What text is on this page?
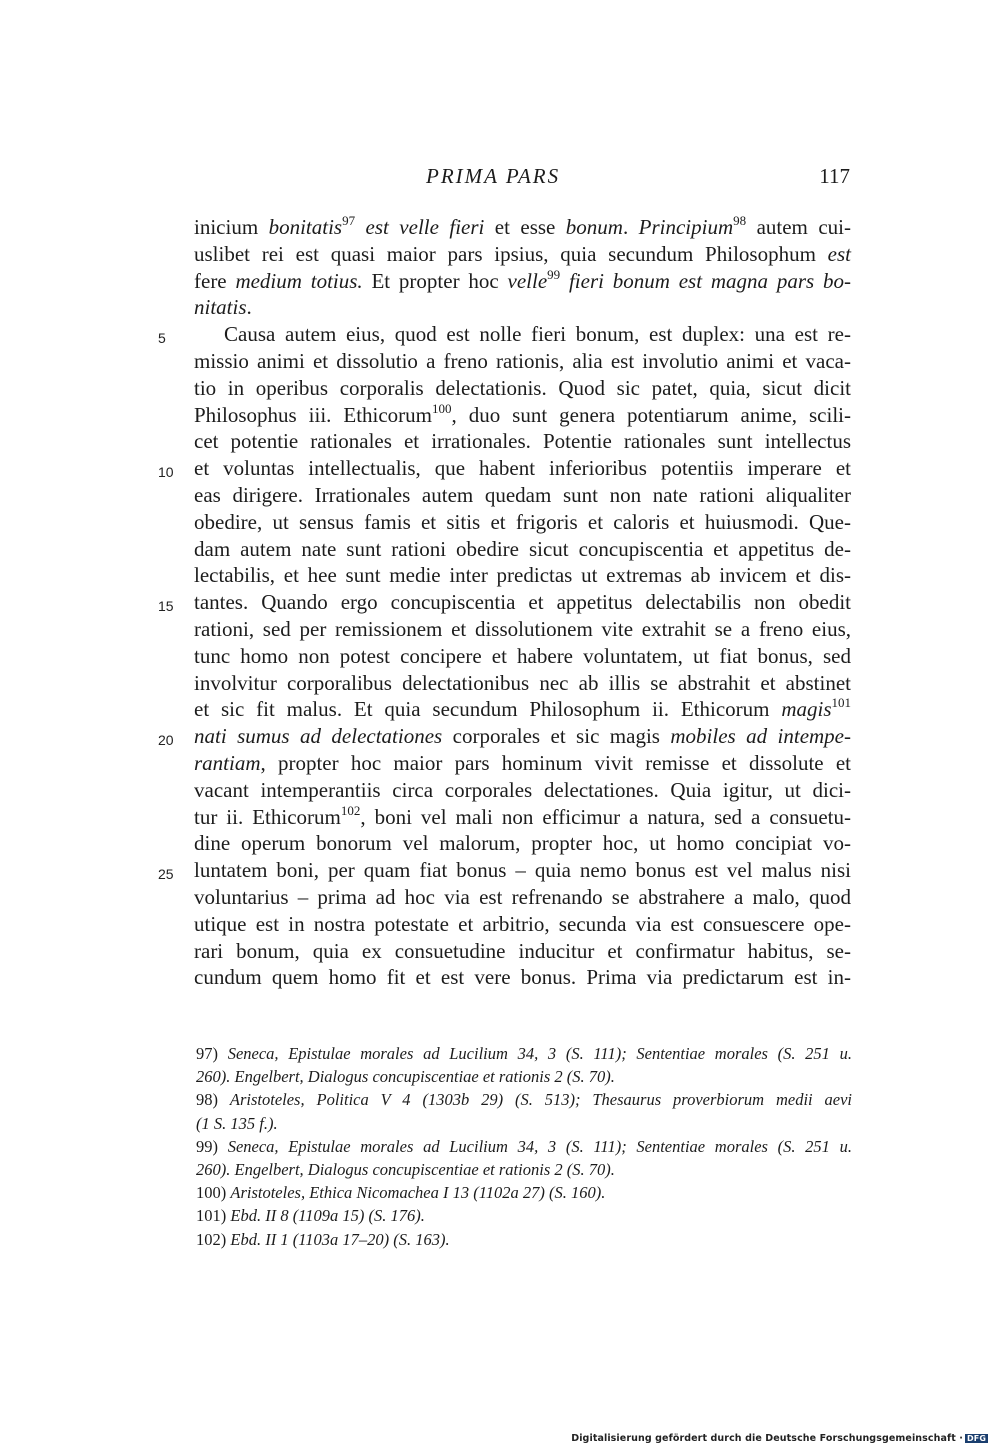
PRIMA PARS	117
5
10
15
20
25
inicium bonitatis$^{97}$ est velle fieri et esse bonum. Principium$^{98}$ autem cui-
uslibet rei est quasi maior pars ipsius, quia secundum Philosophum est
fere medium totius. Et propter hoc velle$^{99}$ fieri bonum est magna pars bo-
nitatis.
Causa autem eius, quod est nolle fieri bonum, est duplex: una est re-
missio animi et dissolutio a freno rationis, alia est involutio animi et vaca-
tio in operibus corporalis delectationis. Quod sic patet, quia, sicut dicit
Philosophus iii. Ethicorum$^{100}$, duo sunt genera potentiarum anime, scili-
cet potentie rationales et irrationales. Potentie rationales sunt intellectus
et voluntas intellectualis, que habent inferioribus potentiis imperare et
eas dirigere. Irrationales autem quedam sunt non nate rationi aliqualiter
obedire, ut sensus famis et sitis et frigoris et caloris et huiusmodi. Que-
dam autem nate sunt rationi obedire sicut concupiscentia et appetitus de-
lectabilis, et hee sunt medie inter predictas ut extremas ab invicem et dis-
tantes. Quando ergo concupiscentia et appetitus delectabilis non obedit
rationi, sed per remissionem et dissolutionem vite extrahit se a freno eius,
tunc homo non potest concipere et habere voluntatem, ut fiat bonus, sed
involvitur corporalibus delectationibus nec ab illis se abstrahit et abstinet
et sic fit malus. Et quia secundum Philosophum ii. Ethicorum magis$^{101}$
nati sumus ad delectationes corporales et sic magis mobiles ad intempe-
rantiam, propter hoc maior pars hominum vivit remisse et dissolute et
vacant intemperantiis circa corporales delectationes. Quia igitur, ut dici-
tur ii. Ethicorum$^{102}$, boni vel mali non efficimur a natura, sed a consuetu-
dine operum bonorum vel malorum, propter hoc, ut homo concipiat vo-
luntatem boni, per quam fiat bonus – quia nemo bonus est vel malus nisi
voluntarius – prima ad hoc via est refrenando se abstrahere a malo, quod
utique est in nostra potestate et arbitrio, secunda via est consuescere ope-
rari bonum, quia ex consuetudine inducitur et confirmatur habitus, se-
cundum quem homo fit et est vere bonus. Prima via predictarum est in-
97) Seneca, Epistulae morales ad Lucilium 34, 3 (S. 111); Sententiae morales (S. 251 u.
260). Engelbert, Dialogus concupiscentiae et rationis 2 (S. 70).
98) Aristoteles, Politica V 4 (1303b 29) (S. 513); Thesaurus proverbiorum medii aevi
(1 S. 135 f.).
99) Seneca, Epistulae morales ad Lucilium 34, 3 (S. 111); Sententiae morales (S. 251 u.
260). Engelbert, Dialogus concupiscentiae et rationis 2 (S. 70).
100) Aristoteles, Ethica Nicomachea I 13 (1102a 27) (S. 160).
101) Ebd. II 8 (1109a 15) (S. 176).
102) Ebd. II 1 (1103a 17–20) (S. 163).
Digitalisierung gefördert durch die Deutsche Forschungsgemeinschaft · DFG
